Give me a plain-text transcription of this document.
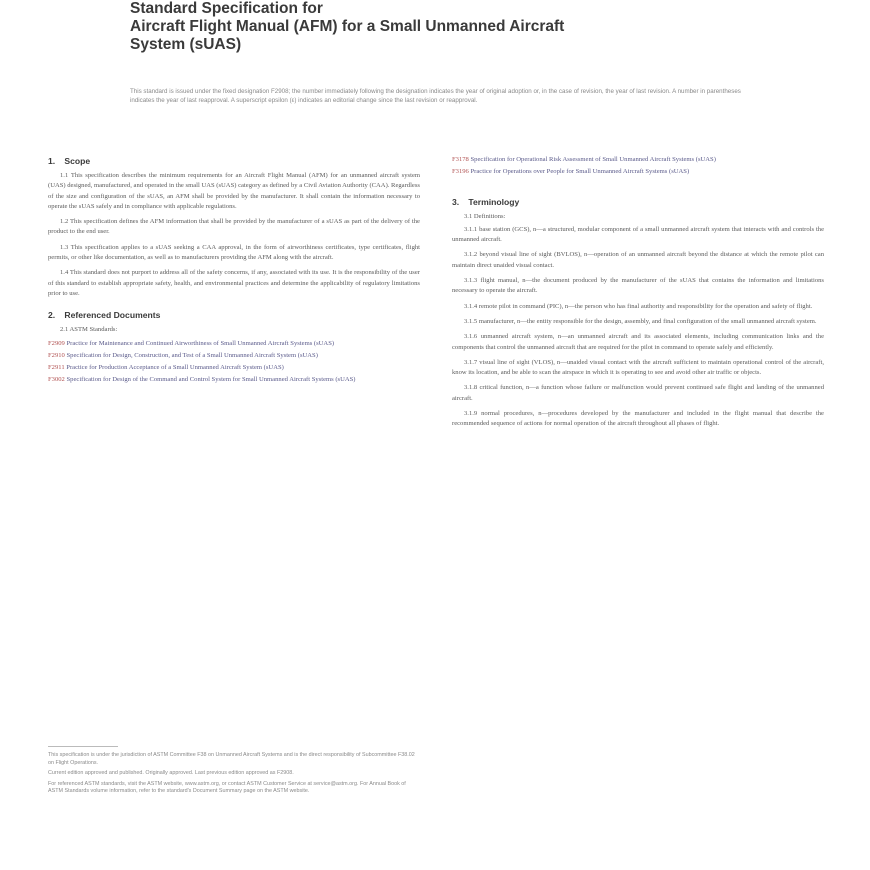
Standard Specification for
Aircraft Flight Manual (AFM) for a Small Unmanned Aircraft
System (sUAS)
This standard is issued under the fixed designation F2908; the number immediately following the designation indicates the year of original adoption or, in the case of revision, the year of last revision. A number in parentheses indicates the year of last reapproval. A superscript epsilon (ε) indicates an editorial change since the last revision or reapproval.
1. Scope
1.1 This specification describes the minimum requirements for an Aircraft Flight Manual (AFM) for an unmanned aircraft system (UAS) designed, manufactured, and operated in the small UAS (sUAS) category as defined by a Civil Aviation Authority (CAA). Regardless of the size and configuration of the sUAS, an AFM shall be provided by the manufacturer. It shall contain the information necessary to operate the sUAS safely and in compliance with applicable regulations.
1.2 This specification defines the AFM information that shall be provided by the manufacturer of a sUAS as part of the delivery of the product to the end user.
1.3 This specification applies to a sUAS seeking a CAA approval, in the form of airworthiness certificates, type certificates, flight permits, or other like documentation, as well as to manufacturers providing the AFM along with the aircraft.
1.4 This standard does not purport to address all of the safety concerns, if any, associated with its use. It is the responsibility of the user of this standard to establish appropriate safety, health, and environmental practices and determine the applicability of regulatory limitations prior to use.
2. Referenced Documents
2.1 ASTM Standards:
F2909 Practice for Maintenance and Continued Airworthiness of Small Unmanned Aircraft Systems (sUAS)
F2910 Specification for Design, Construction, and Test of a Small Unmanned Aircraft System (sUAS)
F2911 Practice for Production Acceptance of a Small Unmanned Aircraft System (sUAS)
F3002 Specification for Design of the Command and Control System for Small Unmanned Aircraft Systems (sUAS)
This specification is under the jurisdiction of ASTM Committee F38 on Unmanned Aircraft Systems and is the direct responsibility of Subcommittee F38.02 on Flight Operations.
Current edition approved and published. Originally approved. Last previous edition approved as F2908.
For referenced ASTM standards, visit the ASTM website, www.astm.org, or contact ASTM Customer Service at service@astm.org. For Annual Book of ASTM Standards volume information, refer to the standard's Document Summary page on the ASTM website.
F3178 Specification for Operational Risk Assessment of Small Unmanned Aircraft Systems (sUAS)
F3196 Practice for Operations over People for Small Unmanned Aircraft Systems (sUAS)
3. Terminology
3.1 Definitions:
3.1.1 base station (GCS), n—a structured, modular component of a small unmanned aircraft system that interacts with and controls the unmanned aircraft.
3.1.2 beyond visual line of sight (BVLOS), n—operation of an unmanned aircraft beyond the distance at which the remote pilot can maintain direct unaided visual contact.
3.1.3 flight manual, n—the document produced by the manufacturer of the sUAS that contains the information and limitations necessary to operate the aircraft.
3.1.4 remote pilot in command (PIC), n—the person who has final authority and responsibility for the operation and safety of flight.
3.1.5 manufacturer, n—the entity responsible for the design, assembly, and final configuration of the small unmanned aircraft system.
3.1.6 unmanned aircraft system, n—an unmanned aircraft and its associated elements, including communication links and the components that control the unmanned aircraft that are required for the pilot in command to operate safely and efficiently.
3.1.7 visual line of sight (VLOS), n—unaided visual contact with the aircraft sufficient to maintain operational control of the aircraft, know its location, and be able to scan the airspace in which it is operating to see and avoid other air traffic or objects.
3.1.8 critical function, n—a function whose failure or malfunction would prevent continued safe flight and landing of the unmanned aircraft.
3.1.9 normal procedures, n—procedures developed by the manufacturer and included in the flight manual that describe the recommended sequence of actions for normal operation of the aircraft throughout all phases of flight.
